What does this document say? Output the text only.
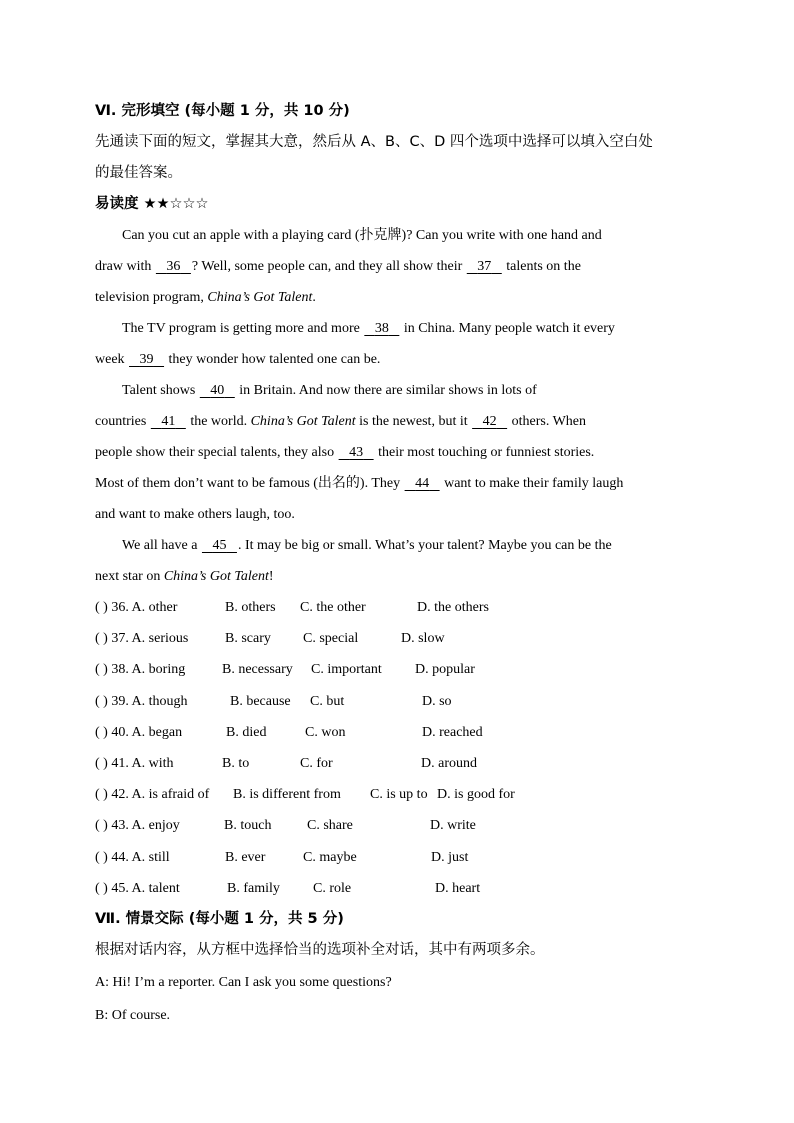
Ⅵ. 完形填空 (每小题 1 分，共 10 分)
先通读下面的短文，掌握其大意，然后从 A、B、C、D 四个选项中选择可以填入空白处
的最佳答案。
易读度 ★★☆☆☆
Can you cut an apple with a playing card (扑克牌)? Can you write with one hand and
draw with    36 ? Well, some people can, and they all show their    37    talents on the
television program, China’s Got Talent.
The TV program is getting more and more    38    in China. Many people watch it every
week    39    they wonder how talented one can be.
Talent shows    40    in Britain. And now there are similar shows in lots of
countries    41    the world. China’s Got Talent is the newest, but it    42    others. When
people show their special talents, they also    43    their most touching or funniest stories.
Most of them don’t want to be famous (出名的). They    44    want to make their family laugh
and want to make others laugh, too.
We all have a    45 . It may be big or small. What’s your talent? Maybe you can be the
next star on China’s Got Talent!
( ) 36. A. other	B. others C. the other	D. the others
( ) 37. A. serious	B. scary C. special	D. slow
( ) 38. A. boring	B. necessary C. important D. popular
( ) 39. A. though	B. because C. but	D. so
( ) 40. A. began	B. died	C. won	D. reached
( ) 41. A. with	B. to	C. for	D. around
( ) 42. A. is afraid of B. is different from C. is up to D. is good for
( ) 43. A. enjoy	B. touch	C. share	D. write
( ) 44. A. still	B. ever	C. maybe	D. just
( ) 45. A. talent	B. family C. role	D. heart
Ⅶ. 情景交际 (每小题 1 分，共 5 分)
根据对话内容，从方框中选择恰当的选项补全对话，其中有两项多余。
A: Hi! I’m a reporter. Can I ask you some questions?
B: Of course.
